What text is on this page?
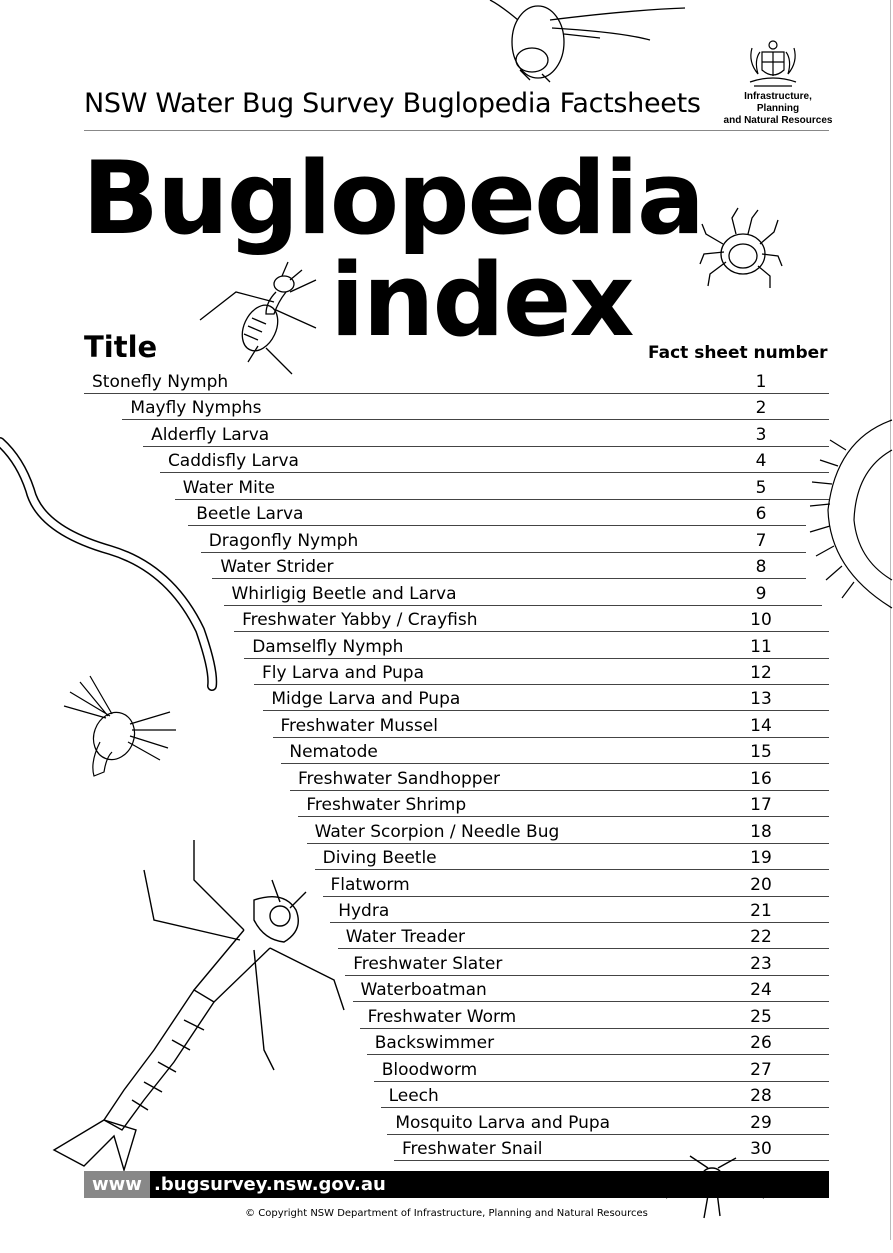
NSW Water Bug Survey Buglopedia Factsheets	Infrastructure, Planning
and Natural Resources
Buglopedia
index
Title	Fact sheet number
Stonefly Nymph	1
Mayfly Nymphs	2
Alderfly Larva	3
Caddisfly Larva	4
Water Mite	5
Beetle Larva	6
Dragonfly Nymph	7
Water Strider	8
Whirligig Beetle and Larva	9
Freshwater Yabby / Crayfish	10
Damselfly Nymph	11
Fly Larva and Pupa	12
Midge Larva and Pupa	13
Freshwater Mussel	14
Nematode	15
Freshwater Sandhopper	16
Freshwater Shrimp	17
Water Scorpion / Needle Bug	18
Diving Beetle	19
Flatworm	20
Hydra	21
Water Treader	22
Freshwater Slater	23
Waterboatman	24
Freshwater Worm	25
Backswimmer	26
Bloodworm	27
Leech	28
Mosquito Larva and Pupa	29
Freshwater Snail	30
www .bugsurvey.nsw.gov.au
© Copyright NSW Department of Infrastructure, Planning and Natural Resources
